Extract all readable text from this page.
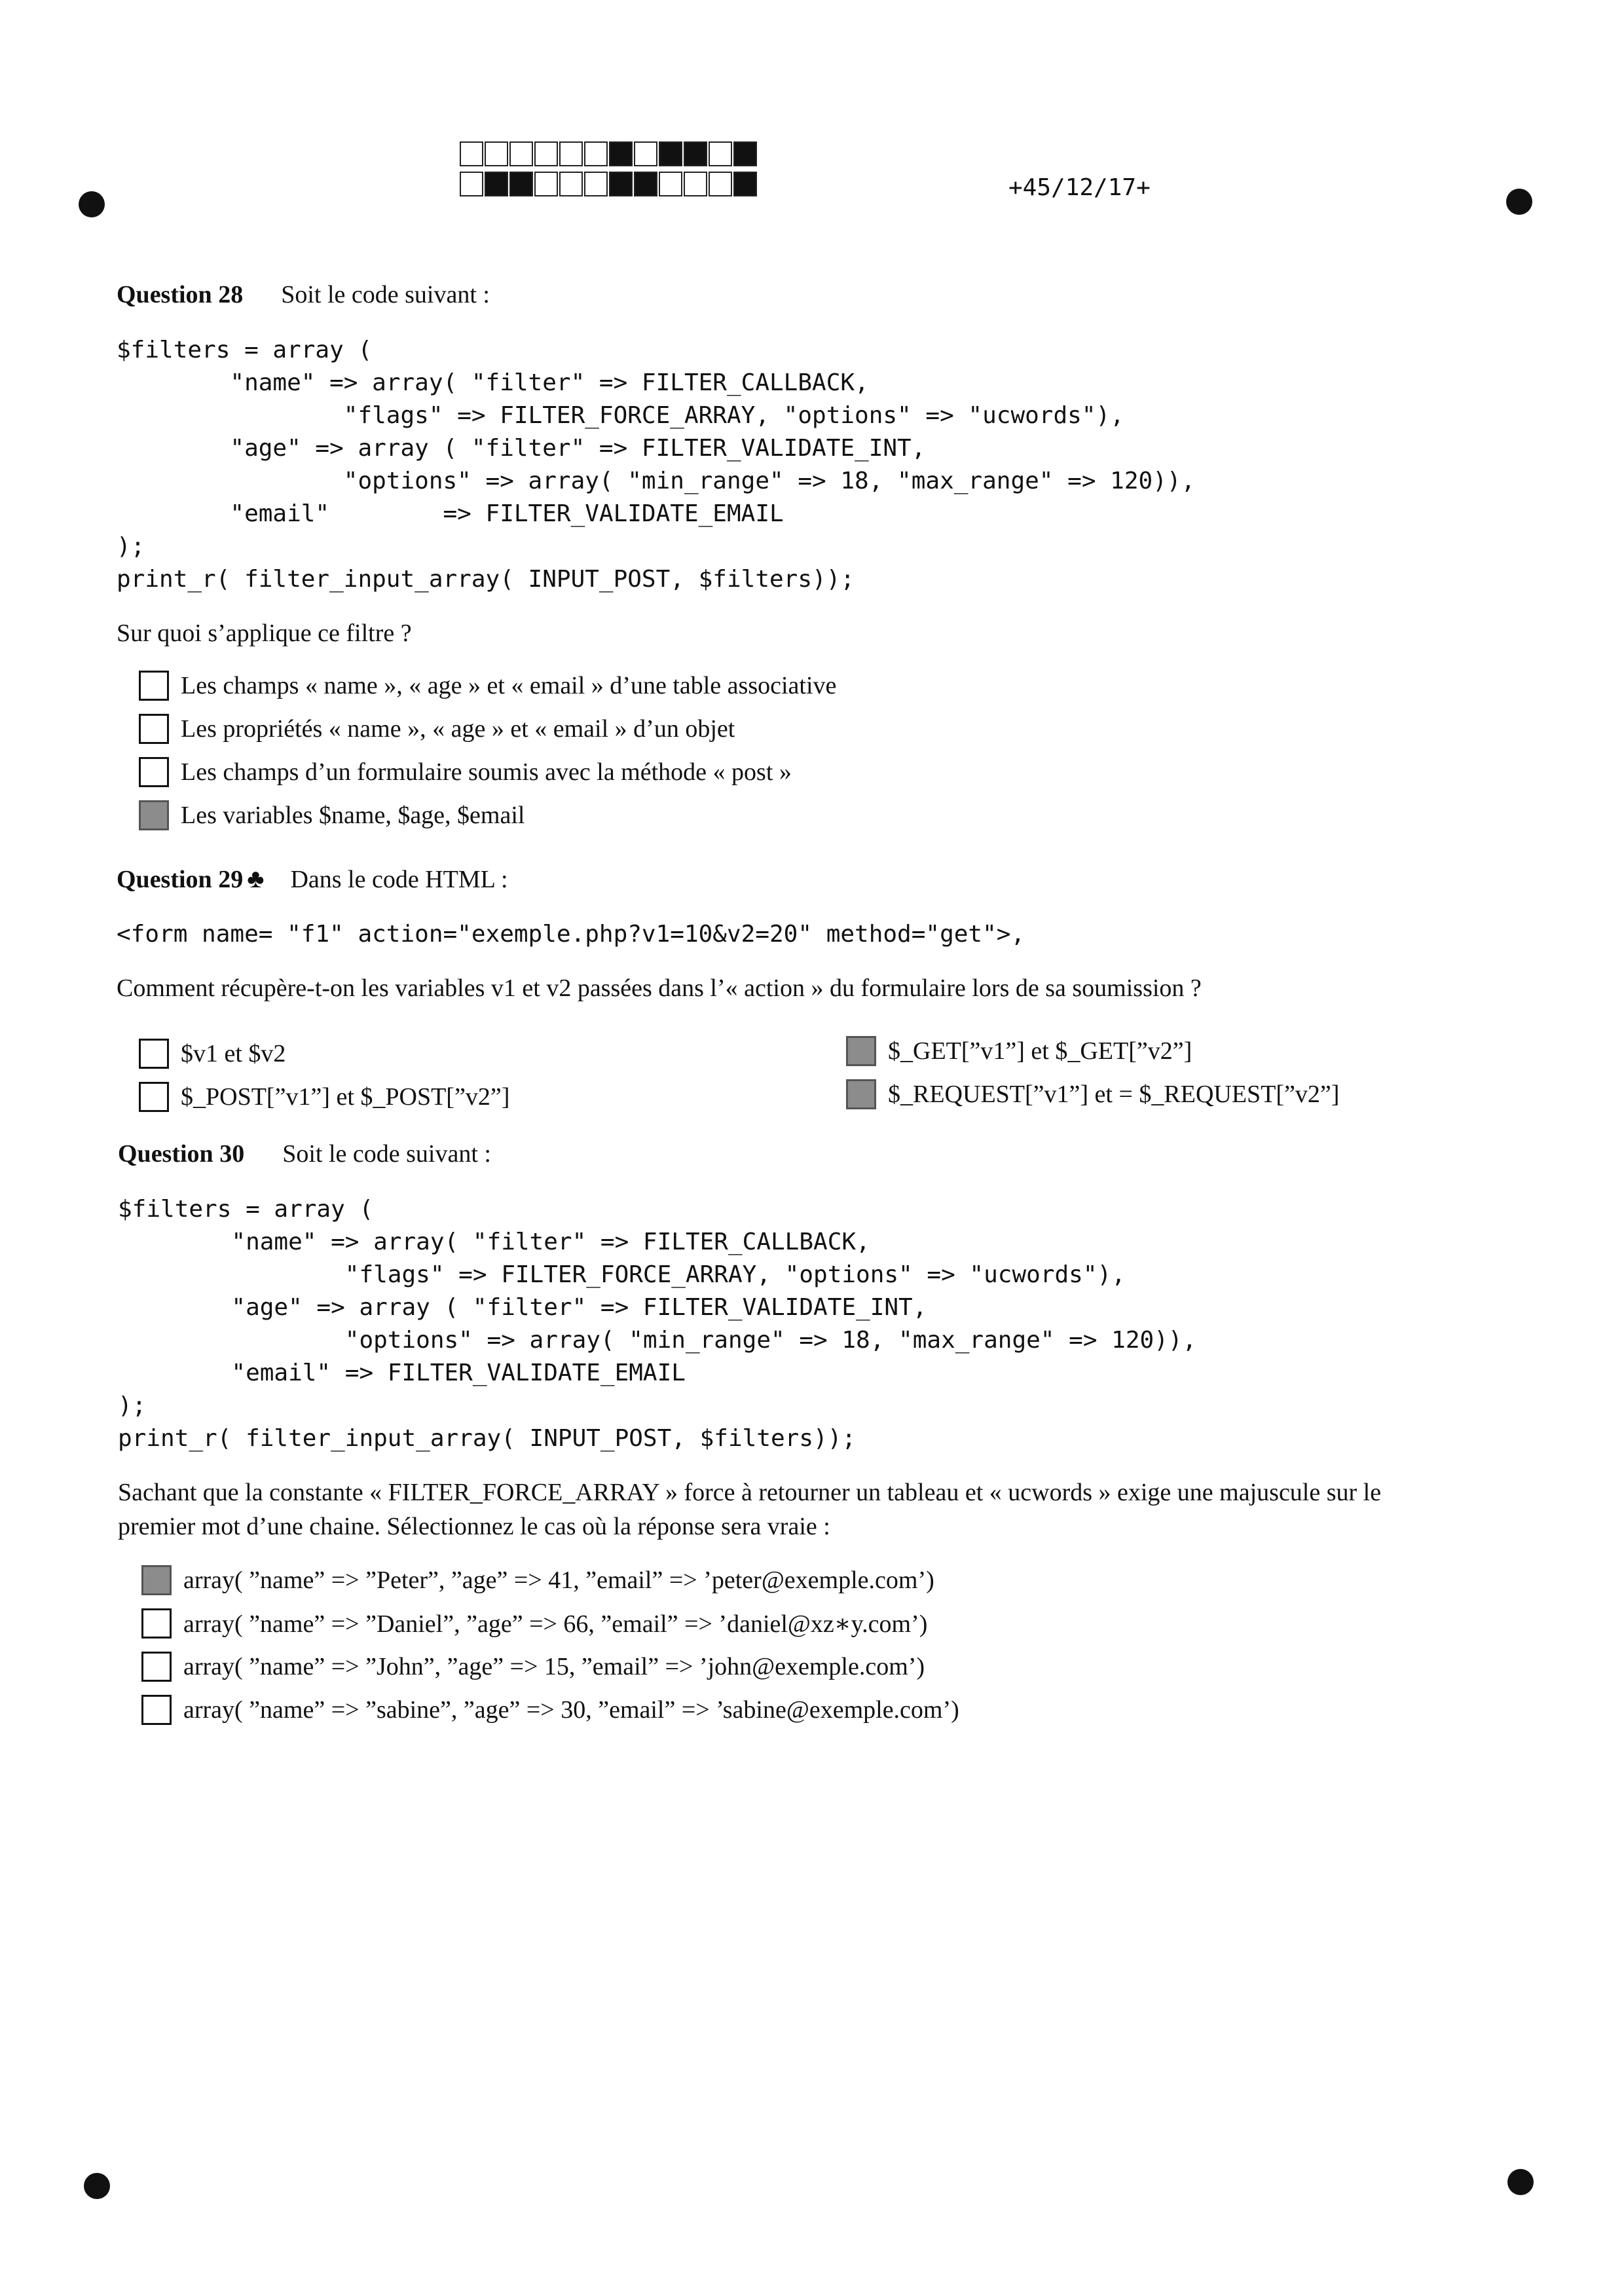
+45/12/17+
Question 28 Soit le code suivant :
$filters = array (
"name" => array( "filter" => FILTER_CALLBACK,
"flags" => FILTER_FORCE_ARRAY, "options" => "ucwords"),
"age" => array ( "filter" => FILTER_VALIDATE_INT,
"options" => array( "min_range" => 18, "max_range" => 120)),
"email"        => FILTER_VALIDATE_EMAIL
);
print_r( filter_input_array( INPUT_POST, $filters));
Sur quoi s’applique ce filtre ?
Les champs « name », « age » et « email » d’une table associative
Les propriétés « name », « age » et « email » d’un objet
Les champs d’un formulaire soumis avec la méthode « post »
Les variables $name, $age, $email
Question 29 ♣ Dans le code HTML :
<form name= "f1" action="exemple.php?v1=10&v2=20" method="get">,
Comment récupère-t-on les variables v1 et v2 passées dans l’« action » du formulaire lors de sa soumission ?
$v1 et $v2
$_POST[”v1”] et $_POST[”v2”]
$_GET[”v1”] et $_GET[”v2”]
$_REQUEST[”v1”] et = $_REQUEST[”v2”]
Question 30 Soit le code suivant :
$filters = array (
"name" => array( "filter" => FILTER_CALLBACK,
"flags" => FILTER_FORCE_ARRAY, "options" => "ucwords"),
"age" => array ( "filter" => FILTER_VALIDATE_INT,
"options" => array( "min_range" => 18, "max_range" => 120)),
"email" => FILTER_VALIDATE_EMAIL
);
print_r( filter_input_array( INPUT_POST, $filters));
Sachant que la constante « FILTER_FORCE_ARRAY » force à retourner un tableau et « ucwords » exige une majuscule sur le
premier mot d’une chaine. Sélectionnez le cas où la réponse sera vraie :
array( ”name” => ”Peter”, ”age” => 41, ”email” => ’peter@exemple.com’)
array( ”name” => ”Daniel”, ”age” => 66, ”email” => ’daniel@xz∗y.com’)
array( ”name” => ”John”, ”age” => 15, ”email” => ’john@exemple.com’)
array( ”name” => ”sabine”, ”age” => 30, ”email” => ’sabine@exemple.com’)
